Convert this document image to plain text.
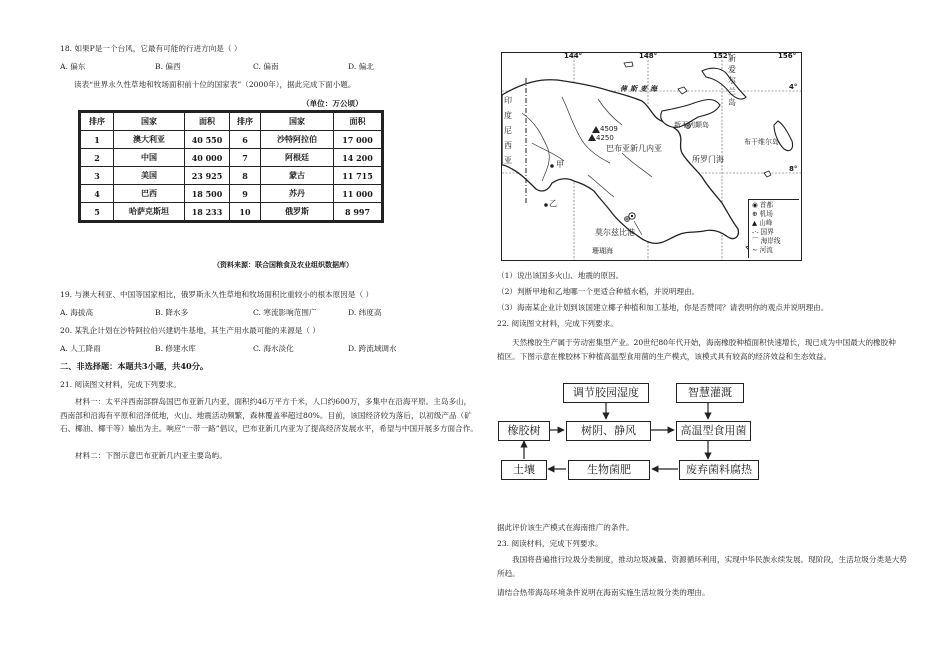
18. 如果P是一个台风，它最有可能的行进方向是（ ）
A. 偏东	B. 偏西	C. 偏南	D. 偏北
读表“世界永久性草地和牧场面积前十位的国家表”（2000年），据此完成下面小题。
（单位：万公顷）
排序	国家	面积	排序	国家	面积
1	澳大利亚	40 550	6	沙特阿拉伯	17 000
2	中国	40 000	7	阿根廷	14 200
3	美国	23 925	8	蒙古	11 715
4	巴西	18 500	9	苏丹	11 000
5	哈萨克斯坦	18 233	10	俄罗斯	8 997
（资料来源：联合国粮食及农业组织数据库）
19. 与澳大利亚、中国等国家相比，俄罗斯永久性草地和牧场面积比重较小的根本原因是（ ）
A. 海拔高	B. 降水多	C. 寒流影响范围广	D. 纬度高
20. 某乳企计划在沙特阿拉伯兴建奶牛基地，其生产用水最可能的来源是（ ）
A. 人工降雨	B. 修建水库	C. 海水淡化	D. 跨流域调水
二、非选择题：本题共3小题，共40分。
21. 阅读图文材料，完成下列要求。
材料一：太平洋西南部群岛国巴布亚新几内亚，面积约46万平方千米，人口约600万，多集中在沿海平原。主岛多山，西南部和沿海有平原和沼泽低地，火山、地震活动频繁，森林覆盖率超过80%。目前，该国经济较为落后，以初级产品（矿石、椰油、椰干等）输出为主。响应“一带一路”倡议，巴布亚新几内亚为了提高经济发展水平，希望与中国开展多方面合作。
材料二：下图示意巴布亚新几内亚主要岛屿。
144°	148°	152°	156°
4°
8°
俾斯麦海
新爱尔兰岛
新不列颠岛
布干维尔岛
印度尼西亚
巴布亚新几内亚
所罗门海
莫尔兹比港
珊瑚海
甲
乙
4509
4250
◉ 首都
⊕ 机场
▲ 山峰
-·- 国界
⌒ 海岸线
∼ 河流
（1）说出该国多火山、地震的原因。
（2）判断甲地和乙地哪一个更适合种植水稻，并说明理由。
（3）海南某企业计划到该国建立椰子种植和加工基地，你是否赞同？请表明你的观点并说明理由。
22. 阅读图文材料，完成下列要求。
天然橡胶生产属于劳动密集型产业。20世纪80年代开始，海南橡胶种植面积快速增长，现已成为中国最大的橡胶种植区。下图示意在橡胶林下种植高温型食用菌的生产模式，该模式具有较高的经济效益和生态效益。
调节胶园湿度	智慧灌溉
橡胶树	树阴、静风	高温型食用菌
土壤	生物菌肥	废弃菌料腐热
据此评价该生产模式在海南推广的条件。
23. 阅读材料，完成下列要求。
我国将普遍推行垃圾分类制度，推动垃圾减量、资源循环利用，实现中华民族永续发展。现阶段，生活垃圾分类是大势所趋。
请结合热带海岛环境条件说明在海南实施生活垃圾分类的理由。
